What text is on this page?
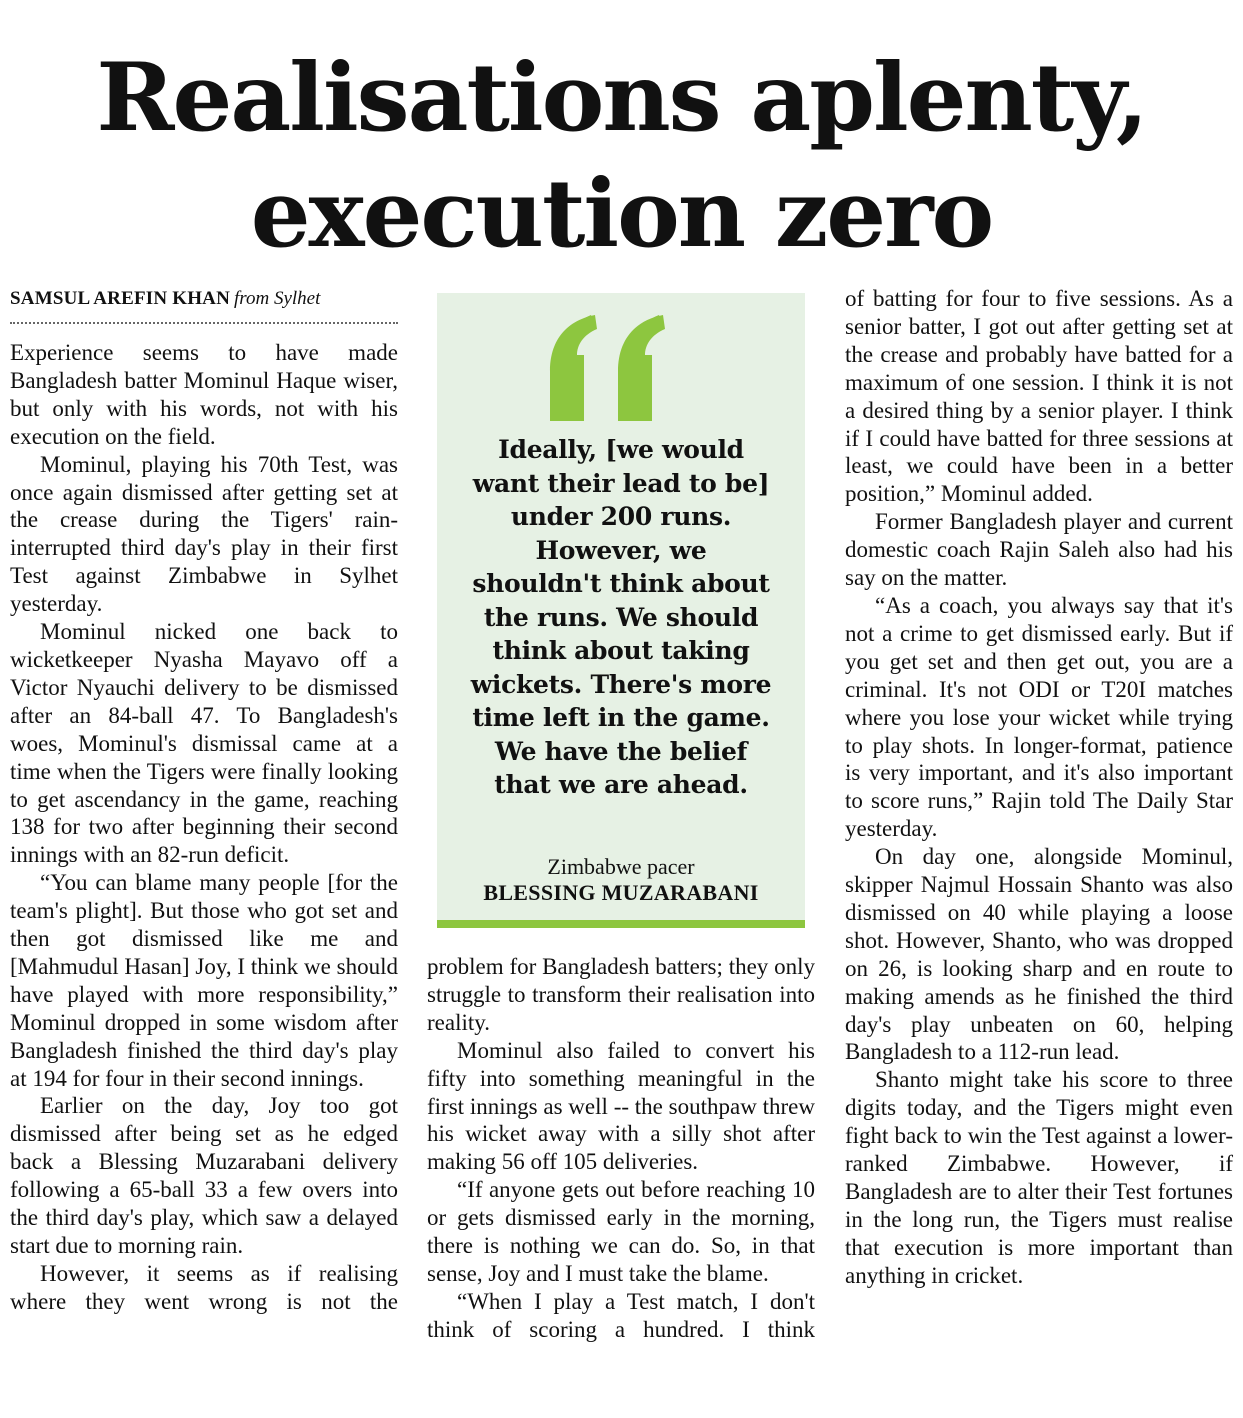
Realisations aplenty,
execution zero
SAMSUL AREFIN KHAN from Sylhet

Experience seems to have made Bangladesh batter Mominul Haque wiser, but only with his words, not with his execution on the field.

Mominul, playing his 70th Test, was once again dismissed after getting set at the crease during the Tigers' rain-interrupted third day's play in their first Test against Zimbabwe in Sylhet yesterday.

Mominul nicked one back to wicketkeeper Nyasha Mayavo off a Victor Nyauchi delivery to be dismissed after an 84-ball 47. To Bangladesh's woes, Mominul's dismissal came at a time when the Tigers were finally looking to get ascendancy in the game, reaching 138 for two after beginning their second innings with an 82-run deficit.

“You can blame many people [for the team's plight]. But those who got set and then got dismissed like me and [Mahmudul Hasan] Joy, I think we should have played with more responsibility,” Mominul dropped in some wisdom after Bangladesh finished the third day's play at 194 for four in their second innings.

Earlier on the day, Joy too got dismissed after being set as he edged back a Blessing Muzarabani delivery following a 65-ball 33 a few overs into the third day's play, which saw a delayed start due to morning rain.

However, it seems as if realising where they went wrong is not the

Ideally, [we would want their lead to be] under 200 runs. However, we shouldn't think about the runs. We should think about taking wickets. There's more time left in the game. We have the belief that we are ahead.

Zimbabwe pacer
BLESSING MUZARABANI

problem for Bangladesh batters; they only struggle to transform their realisation into reality.

Mominul also failed to convert his fifty into something meaningful in the first innings as well -- the southpaw threw his wicket away with a silly shot after making 56 off 105 deliveries.

“If anyone gets out before reaching 10 or gets dismissed early in the morning, there is nothing we can do. So, in that sense, Joy and I must take the blame.

“When I play a Test match, I don't think of scoring a hundred. I think

of batting for four to five sessions. As a senior batter, I got out after getting set at the crease and probably have batted for a maximum of one session. I think it is not a desired thing by a senior player. I think if I could have batted for three sessions at least, we could have been in a better position,” Mominul added.

Former Bangladesh player and current domestic coach Rajin Saleh also had his say on the matter.

“As a coach, you always say that it's not a crime to get dismissed early. But if you get set and then get out, you are a criminal. It's not ODI or T20I matches where you lose your wicket while trying to play shots. In longer-format, patience is very important, and it's also important to score runs,” Rajin told The Daily Star yesterday.

On day one, alongside Mominul, skipper Najmul Hossain Shanto was also dismissed on 40 while playing a loose shot. However, Shanto, who was dropped on 26, is looking sharp and en route to making amends as he finished the third day's play unbeaten on 60, helping Bangladesh to a 112-run lead.

Shanto might take his score to three digits today, and the Tigers might even fight back to win the Test against a lower-ranked Zimbabwe. However, if Bangladesh are to alter their Test fortunes in the long run, the Tigers must realise that execution is more important than anything in cricket.
